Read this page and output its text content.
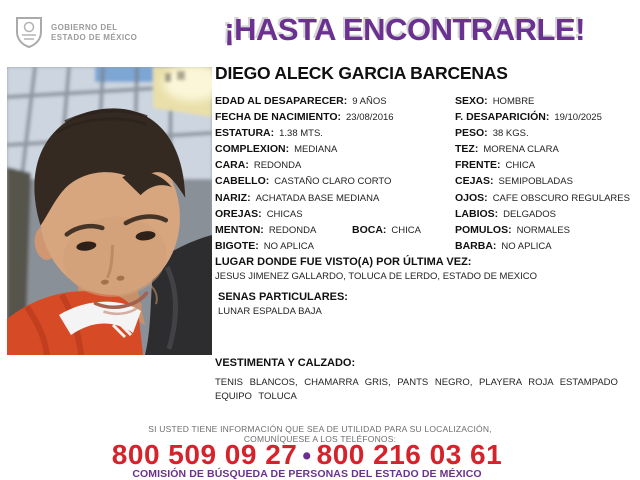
GOBIERNO DEL
ESTADO DE MÉXICO	¡HASTA ENCONTRARLE!
DIEGO ALECK GARCIA BARCENAS
EDAD AL DESAPARECER: 9 AÑOS
FECHA DE NACIMIENTO: 23/08/2016
ESTATURA: 1.38 MTS.
COMPLEXION: MEDIANA
CARA: REDONDA
CABELLO: CASTAÑO CLARO CORTO
NARIZ: ACHATADA BASE MEDIANA
OREJAS: CHICAS
MENTON: REDONDA
BIGOTE: NO APLICA
BOCA: CHICA
SEXO: HOMBRE
F. DESAPARICIÓN: 19/10/2025
PESO: 38 KGS.
TEZ: MORENA CLARA
FRENTE: CHICA
CEJAS: SEMIPOBLADAS
OJOS: CAFE OBSCURO REGULARES
LABIOS: DELGADOS
POMULOS: NORMALES
BARBA: NO APLICA
LUGAR DONDE FUE VISTO(A) POR ÚLTIMA VEZ:
JESUS JIMENEZ GALLARDO, TOLUCA DE LERDO, ESTADO DE MEXICO
SENAS PARTICULARES:
LUNAR ESPALDA BAJA
VESTIMENTA Y CALZADO:
TENIS BLANCOS, CHAMARRA GRIS, PANTS NEGRO, PLAYERA ROJA ESTAMPADO EQUIPO TOLUCA
SI USTED TIENE INFORMACIÓN QUE SEA DE UTILIDAD PARA SU LOCALIZACIÓN,
COMUNÍQUESE A LOS TELÉFONOS:
800 509 09 27 • 800 216 03 61
COMISIÓN DE BÚSQUEDA DE PERSONAS DEL ESTADO DE MÉXICO
